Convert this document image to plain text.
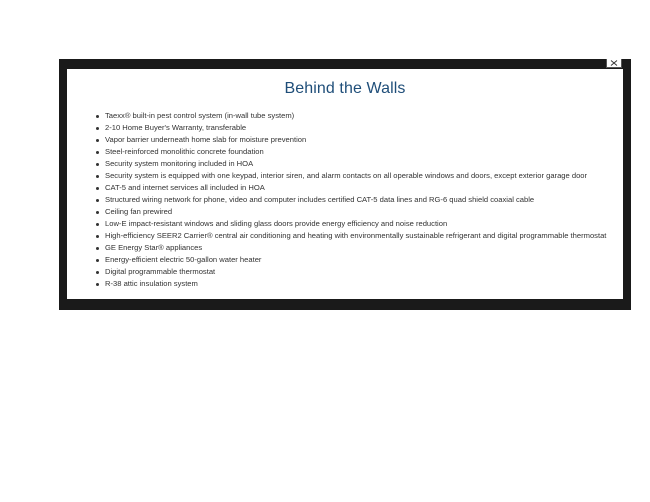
Behind the Walls
Taexx® built-in pest control system (in-wall tube system)
2-10 Home Buyer's Warranty, transferable
Vapor barrier underneath home slab for moisture prevention
Steel-reinforced monolithic concrete foundation
Security system monitoring included in HOA
Security system is equipped with one keypad, interior siren, and alarm contacts on all operable windows and doors, except exterior garage door
CAT-5 and internet services all included in HOA
Structured wiring network for phone, video and computer includes certified CAT-5 data lines and RG-6 quad shield coaxial cable
Ceiling fan prewired
Low-E impact-resistant windows and sliding glass doors provide energy efficiency and noise reduction
High-efficiency SEER2 Carrier® central air conditioning and heating with environmentally sustainable refrigerant and digital programmable thermostat
GE Energy Star® appliances
Energy-efficient electric 50-gallon water heater
Digital programmable thermostat
R-38 attic insulation system
